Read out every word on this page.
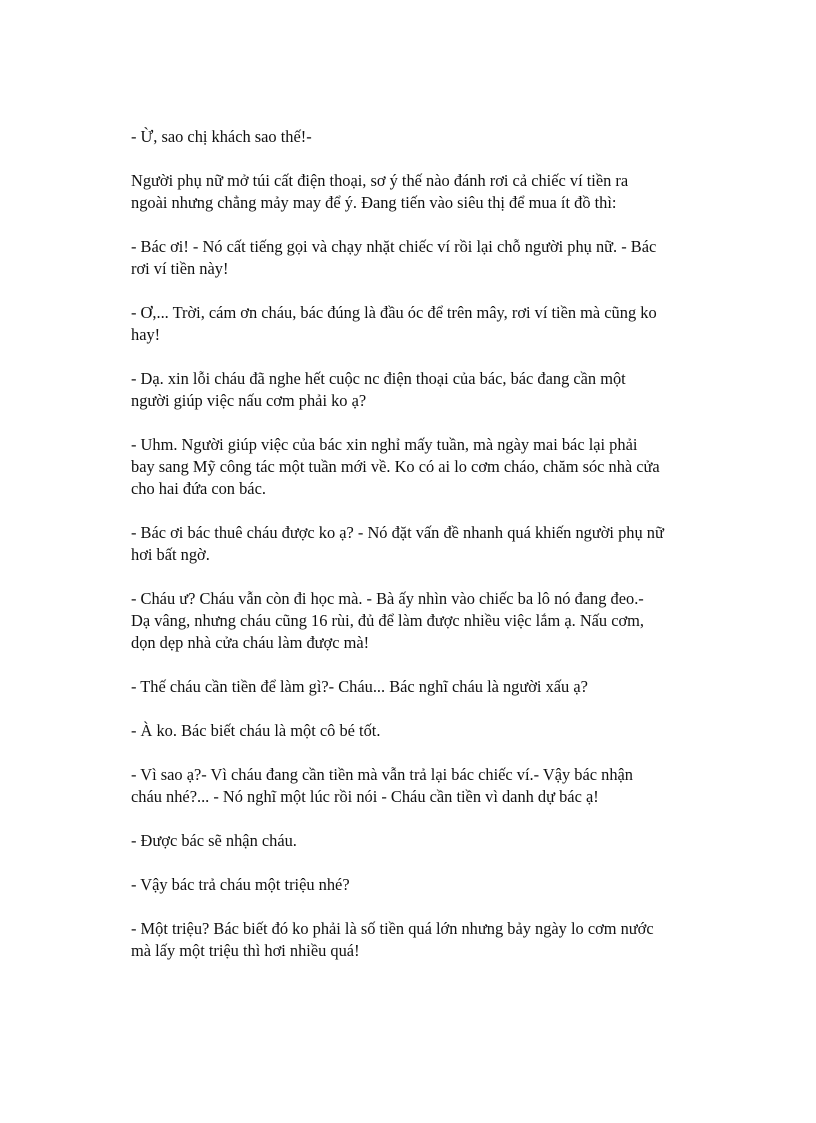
- Ừ, sao chị khách sao thế!-

Người phụ nữ mở túi cất điện thoại, sơ ý thế nào đánh rơi cả chiếc ví tiền ra
ngoài nhưng chẳng mảy may để ý. Đang tiến vào siêu thị để mua ít đồ thì:

- Bác ơi! - Nó cất tiếng gọi và chạy nhặt chiếc ví rồi lại chỗ người phụ nữ. - Bác
rơi ví tiền này!

- Ơ,... Trời, cám ơn cháu, bác đúng là đầu óc để trên mây, rơi ví tiền mà cũng ko
hay!

- Dạ. xin lỗi cháu đã nghe hết cuộc nc điện thoại của bác, bác đang cần một
người giúp việc nấu cơm phải ko ạ?

- Uhm. Người giúp việc của bác xin nghỉ mấy tuần, mà ngày mai bác lại phải
bay sang Mỹ công tác một tuần mới về. Ko có ai lo cơm cháo, chăm sóc nhà cửa
cho hai đứa con bác.

- Bác ơi bác thuê cháu được ko ạ? - Nó đặt vấn đề nhanh quá khiến người phụ nữ
hơi bất ngờ.

- Cháu ư? Cháu vẫn còn đi học mà. - Bà ấy nhìn vào chiếc ba lô nó đang đeo.-
Dạ vâng, nhưng cháu cũng 16 rùi, đủ để làm được nhiều việc lắm ạ. Nấu cơm,
dọn dẹp nhà cửa cháu làm được mà!

- Thế cháu cần tiền để làm gì?- Cháu... Bác nghĩ cháu là người xấu ạ?

- À ko. Bác biết cháu là một cô bé tốt.

- Vì sao ạ?- Vì cháu đang cần tiền mà vẫn trả lại bác chiếc ví.- Vậy bác nhận
cháu nhé?... - Nó nghĩ một lúc rồi nói - Cháu cần tiền vì danh dự bác ạ!

- Được bác sẽ nhận cháu.

- Vậy bác trả cháu một triệu nhé?

- Một triệu? Bác biết đó ko phải là số tiền quá lớn nhưng bảy ngày lo cơm nước
mà lấy một triệu thì hơi nhiều quá!
